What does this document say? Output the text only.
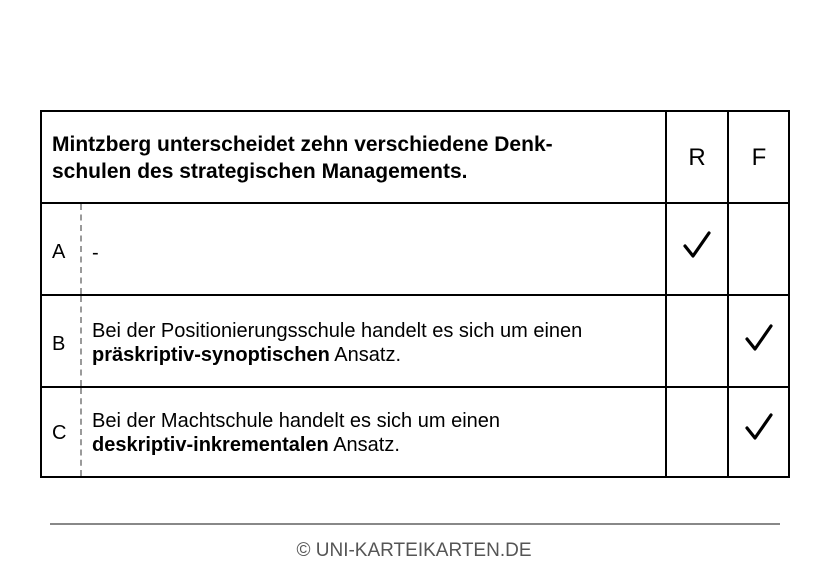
Mintzberg unterscheidet zehn verschiedene Denk-
schulen des strategischen Managements.
R	F
A -
B
Bei der Positionierungsschule handelt es sich um einen
präskriptiv-synoptischen Ansatz.
C
Bei der Machtschule handelt es sich um einen
deskriptiv-inkrementalen Ansatz.
© UNI-KARTEIKARTEN.DE
